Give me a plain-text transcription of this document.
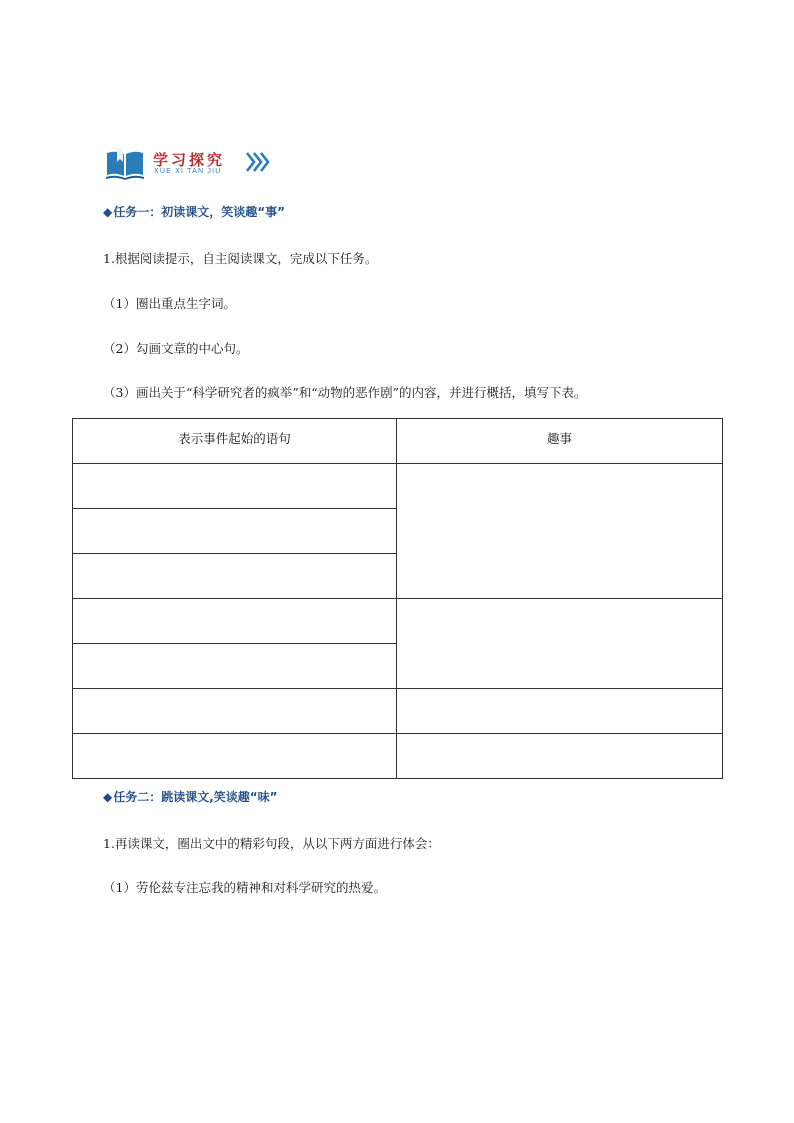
学习探究
XUE XI TAN JIU
◆任务一：初读课文，笑谈趣“事”
1.根据阅读提示，自主阅读课文，完成以下任务。
（1）圈出重点生字词。
（2）勾画文章的中心句。
（3）画出关于“科学研究者的疯举”和“动物的恶作剧”的内容，并进行概括，填写下表。
表示事件起始的语句	趣事

◆任务二：跳读课文,笑谈趣“味”
1.再读课文，圈出文中的精彩句段，从以下两方面进行体会：
（1）劳伦兹专注忘我的精神和对科学研究的热爱。
